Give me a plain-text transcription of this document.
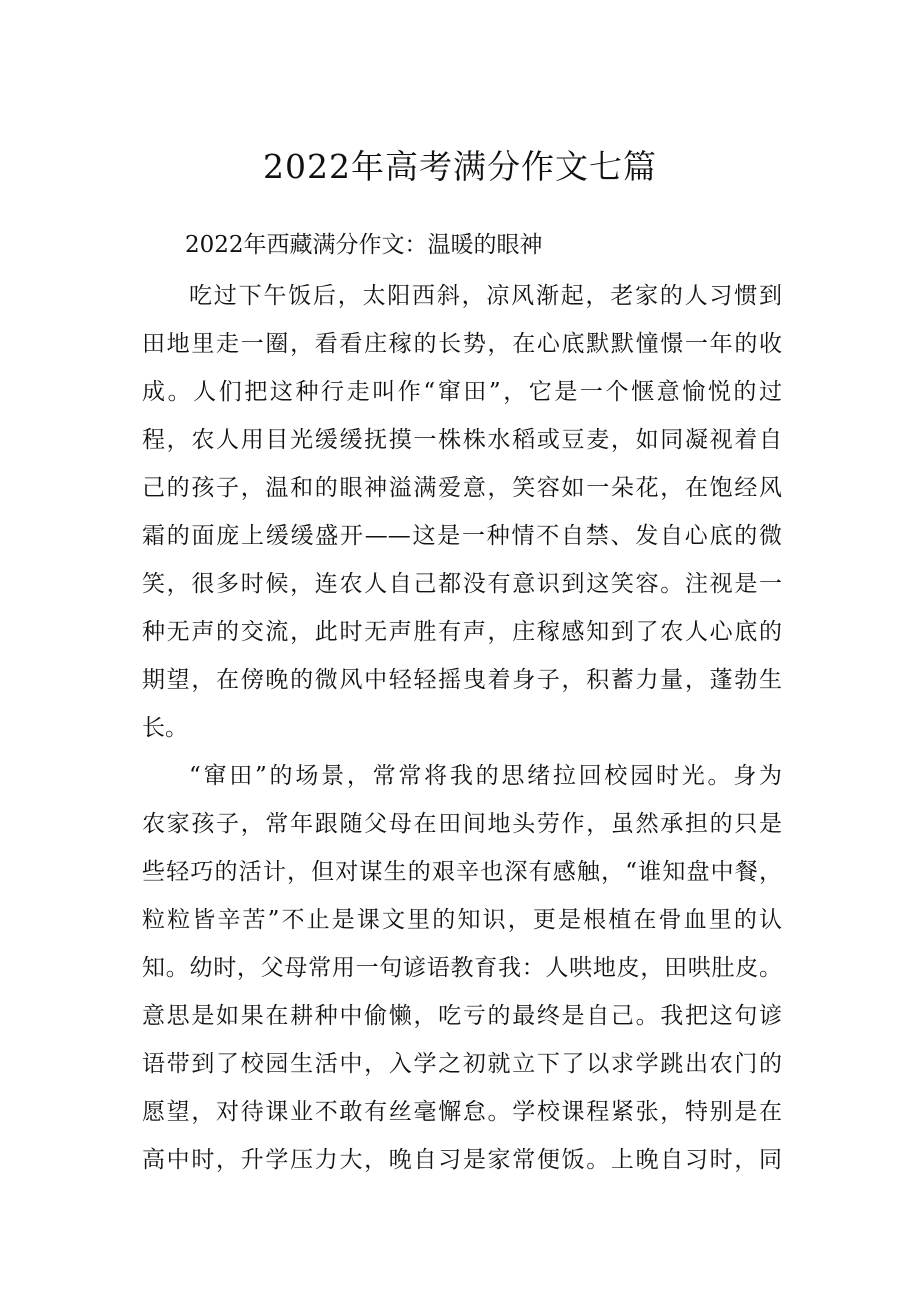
2022年高考满分作文七篇

2022年西藏满分作文：温暖的眼神

吃过下午饭后，太阳西斜，凉风渐起，老家的人习惯到

田地里走一圈，看看庄稼的长势，在心底默默憧憬一年的收

成。人们把这种行走叫作“窜田”，它是一个惬意愉悦的过

程，农人用目光缓缓抚摸一株株水稻或豆麦，如同凝视着自

己的孩子，温和的眼神溢满爱意，笑容如一朵花，在饱经风

霜的面庞上缓缓盛开——这是一种情不自禁、发自心底的微

笑，很多时候，连农人自己都没有意识到这笑容。注视是一

种无声的交流，此时无声胜有声，庄稼感知到了农人心底的

期望，在傍晚的微风中轻轻摇曳着身子，积蓄力量，蓬勃生

长。

“窜田”的场景，常常将我的思绪拉回校园时光。身为

农家孩子，常年跟随父母在田间地头劳作，虽然承担的只是

些轻巧的活计，但对谋生的艰辛也深有感触，“谁知盘中餐，

粒粒皆辛苦”不止是课文里的知识，更是根植在骨血里的认

知。幼时，父母常用一句谚语教育我：人哄地皮，田哄肚皮。

意思是如果在耕种中偷懒，吃亏的最终是自己。我把这句谚

语带到了校园生活中，入学之初就立下了以求学跳出农门的

愿望，对待课业不敢有丝毫懈怠。学校课程紧张，特别是在

高中时，升学压力大，晚自习是家常便饭。上晚自习时，同
